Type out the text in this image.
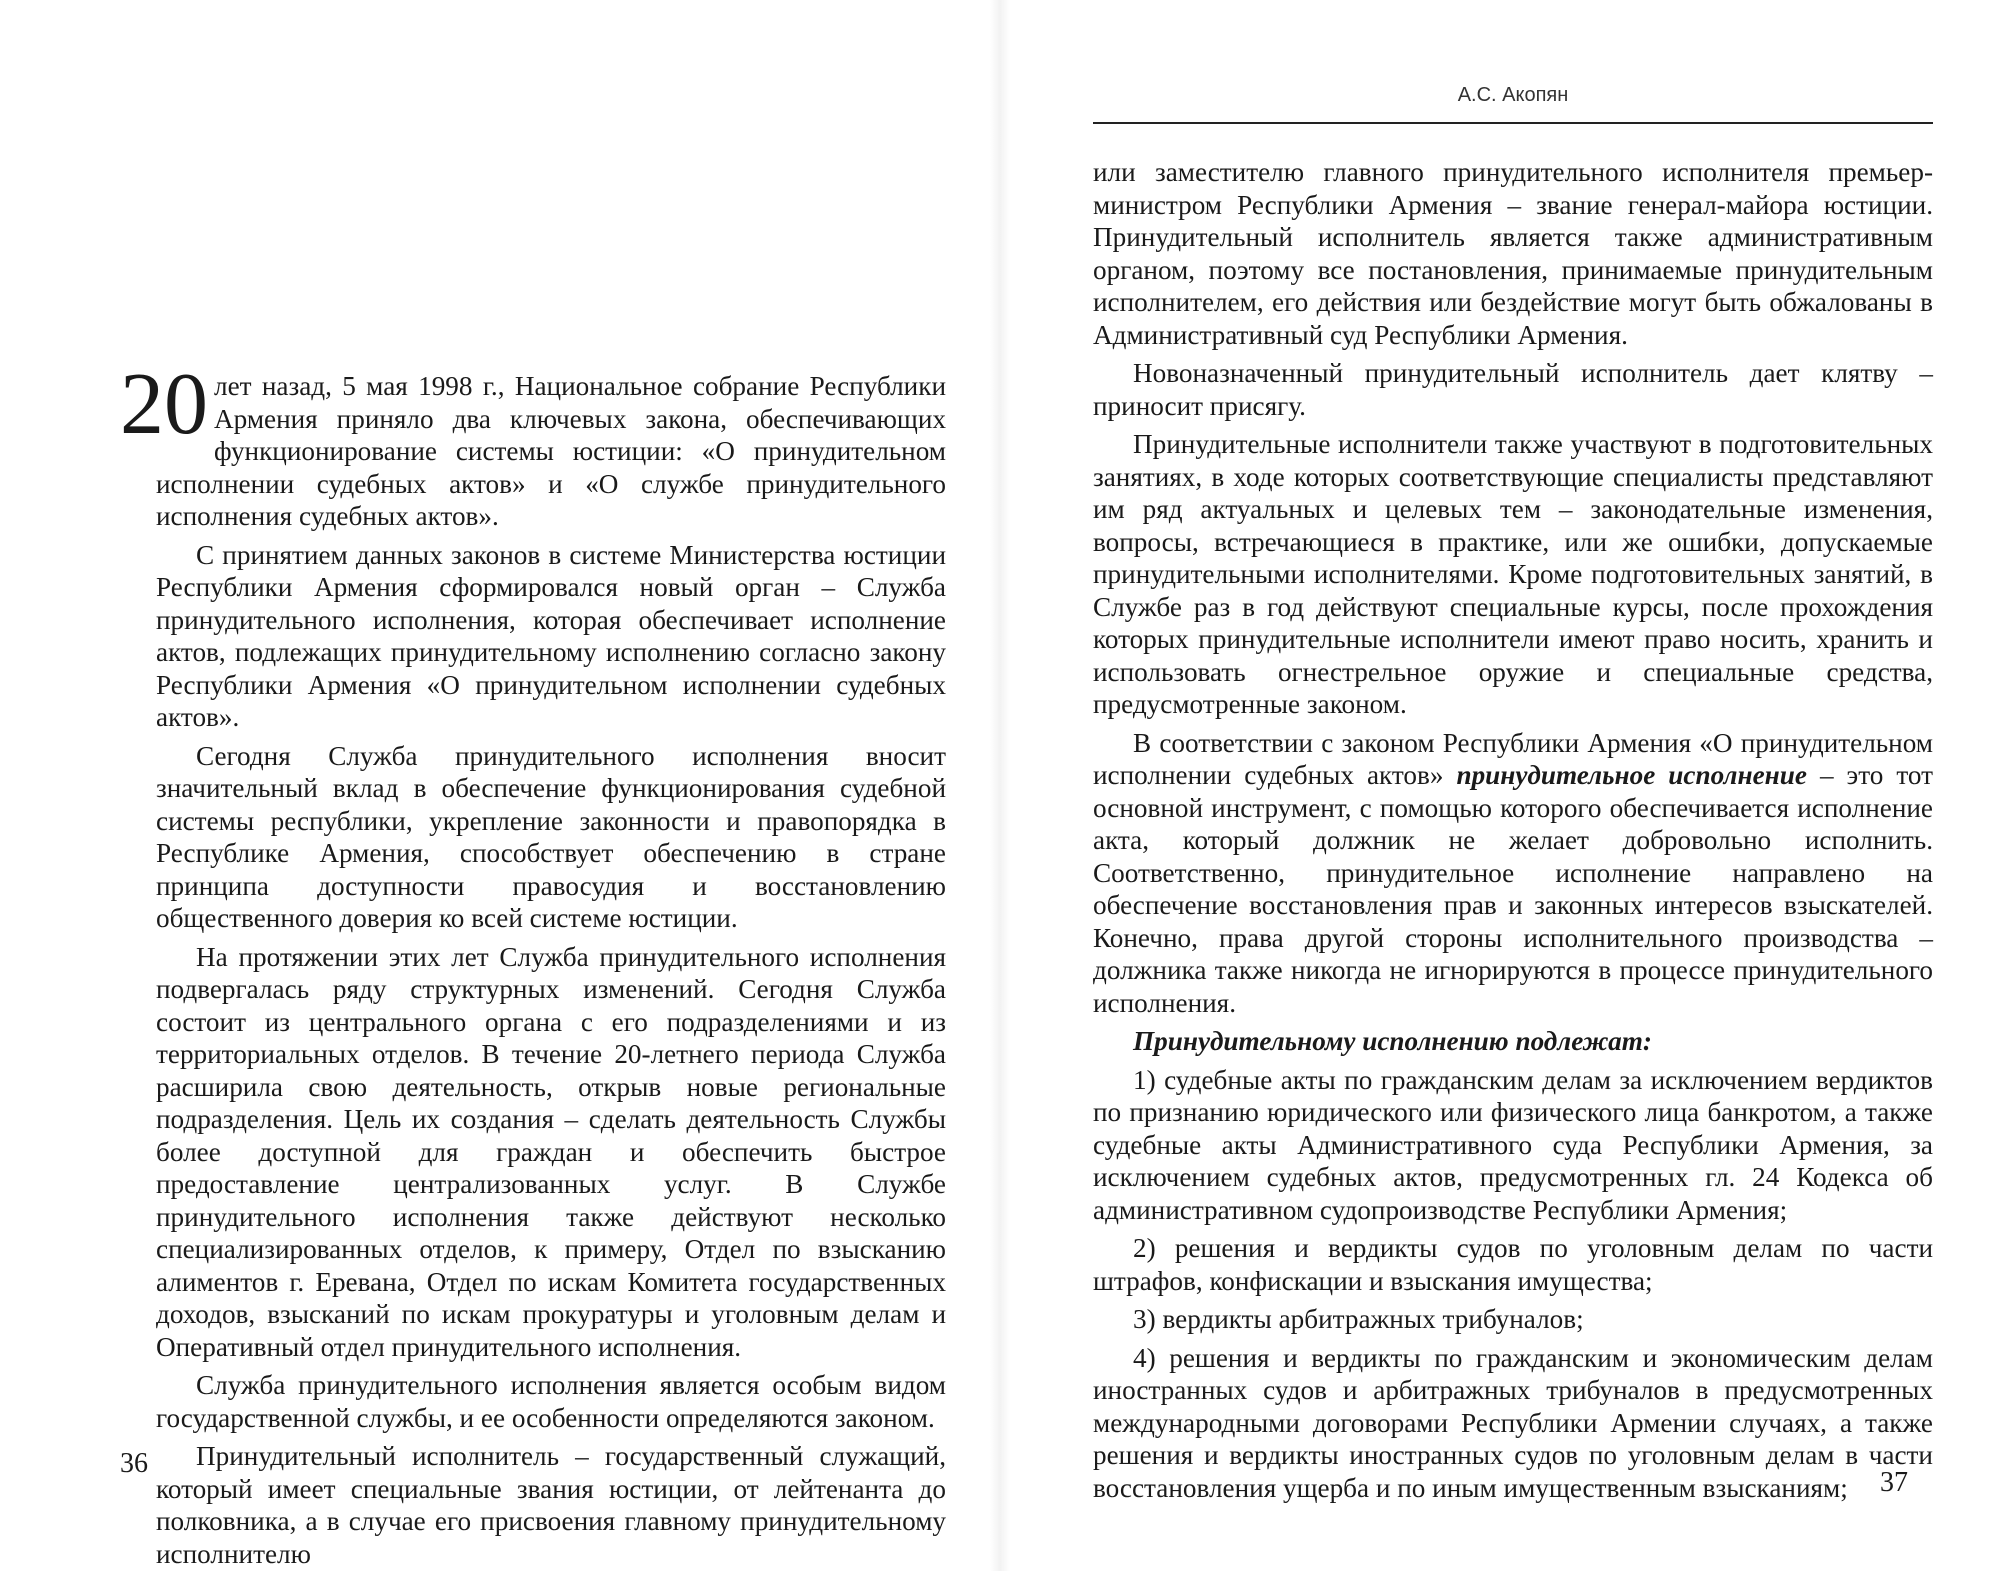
20 лет назад, 5 мая 1998 г., Национальное собрание Республики Армения приняло два ключевых закона, обеспечивающих функционирование системы юстиции: «О принудительном исполнении судебных актов» и «О службе принудительного исполнения судебных актов».

С принятием данных законов в системе Министерства юстиции Республики Армения сформировался новый орган – Служба принудительного исполнения, которая обеспечивает исполнение актов, подлежащих принудительному исполнению согласно закону Республики Армения «О принудительном исполнении судебных актов».

Сегодня Служба принудительного исполнения вносит значительный вклад в обеспечение функционирования судебной системы республики, укрепление законности и правопорядка в Республике Армения, способствует обеспечению в стране принципа доступности правосудия и восстановлению общественного доверия ко всей системе юстиции.

На протяжении этих лет Служба принудительного исполнения подвергалась ряду структурных изменений. Сегодня Служба состоит из центрального органа с его подразделениями и из территориальных отделов. В течение 20-летнего периода Служба расширила свою деятельность, открыв новые региональные подразделения. Цель их создания – сделать деятельность Службы более доступной для граждан и обеспечить быстрое предоставление централизованных услуг. В Службе принудительного исполнения также действуют несколько специализированных отделов, к примеру, Отдел по взысканию алиментов г. Еревана, Отдел по искам Комитета государственных доходов, взысканий по искам прокуратуры и уголовным делам и Оперативный отдел принудительного исполнения.

Служба принудительного исполнения является особым видом государственной службы, и ее особенности определяются законом.

Принудительный исполнитель – государственный служащий, который имеет специальные звания юстиции, от лейтенанта до полковника, а в случае его присвоения главному принудительному исполнителю

36
А.С. Акопян

или заместителю главного принудительного исполнителя премьер-министром Республики Армения – звание генерал-майора юстиции. Принудительный исполнитель является также административным органом, поэтому все постановления, принимаемые принудительным исполнителем, его действия или бездействие могут быть обжалованы в Административный суд Республики Армения.

Новоназначенный принудительный исполнитель дает клятву – приносит присягу.

Принудительные исполнители также участвуют в подготовительных занятиях, в ходе которых соответствующие специалисты представляют им ряд актуальных и целевых тем – законодательные изменения, вопросы, встречающиеся в практике, или же ошибки, допускаемые принудительными исполнителями. Кроме подготовительных занятий, в Службе раз в год действуют специальные курсы, после прохождения которых принудительные исполнители имеют право носить, хранить и использовать огнестрельное оружие и специальные средства, предусмотренные законом.

В соответствии с законом Республики Армения «О принудительном исполнении судебных актов» принудительное исполнение – это тот основной инструмент, с помощью которого обеспечивается исполнение акта, который должник не желает добровольно исполнить. Соответственно, принудительное исполнение направлено на обеспечение восстановления прав и законных интересов взыскателей. Конечно, права другой стороны исполнительного производства – должника также никогда не игнорируются в процессе принудительного исполнения.

Принудительному исполнению подлежат:

1) судебные акты по гражданским делам за исключением вердиктов по признанию юридического или физического лица банкротом, а также судебные акты Административного суда Республики Армения, за исключением судебных актов, предусмотренных гл. 24 Кодекса об административном судопроизводстве Республики Армения;

2) решения и вердикты судов по уголовным делам по части штрафов, конфискации и взыскания имущества;

3) вердикты арбитражных трибуналов;

4) решения и вердикты по гражданским и экономическим делам иностранных судов и арбитражных трибуналов в предусмотренных международными договорами Республики Армении случаях, а также решения и вердикты иностранных судов по уголовным делам в части восстановления ущерба и по иным имущественным взысканиям;	37
